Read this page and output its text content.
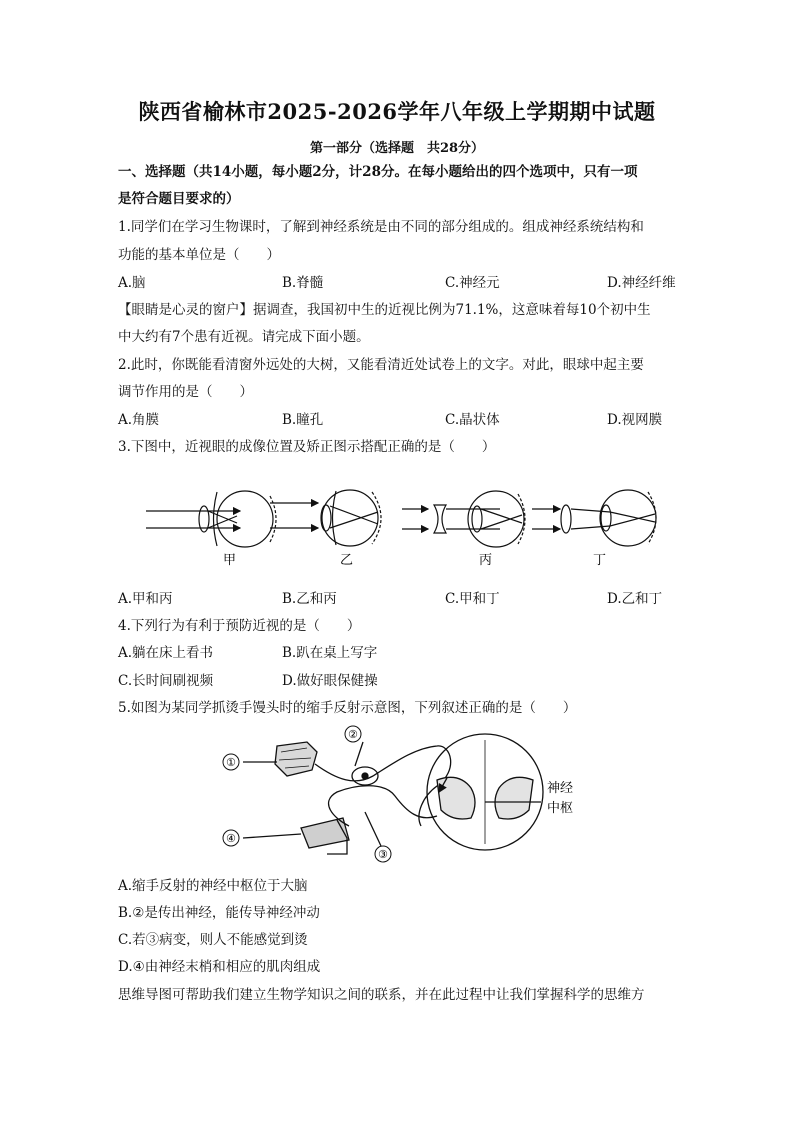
陕西省榆林市2025-2026学年八年级上学期期中试题
第一部分（选择题　共28分）
一、选择题（共14小题，每小题2分，计28分。在每小题给出的四个选项中，只有一项
是符合题目要求的）
1.同学们在学习生物课时，了解到神经系统是由不同的部分组成的。组成神经系统结构和
功能的基本单位是（　　）
A.脑	B.脊髓	C.神经元	D.神经纤维
【眼睛是心灵的窗户】据调查，我国初中生的近视比例为71.1%，这意味着每10个初中生
中大约有7个患有近视。请完成下面小题。
2.此时，你既能看清窗外远处的大树，又能看清近处试卷上的文字。对此，眼球中起主要
调节作用的是（　　）
A.角膜	B.瞳孔	C.晶状体	D.视网膜
3.下图中，近视眼的成像位置及矫正图示搭配正确的是（　　）
甲	乙	丙	丁
A.甲和丙	B.乙和丙	C.甲和丁	D.乙和丁
4.下列行为有利于预防近视的是（　　）
A.躺在床上看书	B.趴在桌上写字
C.长时间刷视频	D.做好眼保健操
5.如图为某同学抓烫手馒头时的缩手反射示意图，下列叙述正确的是（　　）
①
②
④
③
神经
中枢
A.缩手反射的神经中枢位于大脑
B.②是传出神经，能传导神经冲动
C.若③病变，则人不能感觉到烫
D.④由神经末梢和相应的肌肉组成
思维导图可帮助我们建立生物学知识之间的联系，并在此过程中让我们掌握科学的思维方
